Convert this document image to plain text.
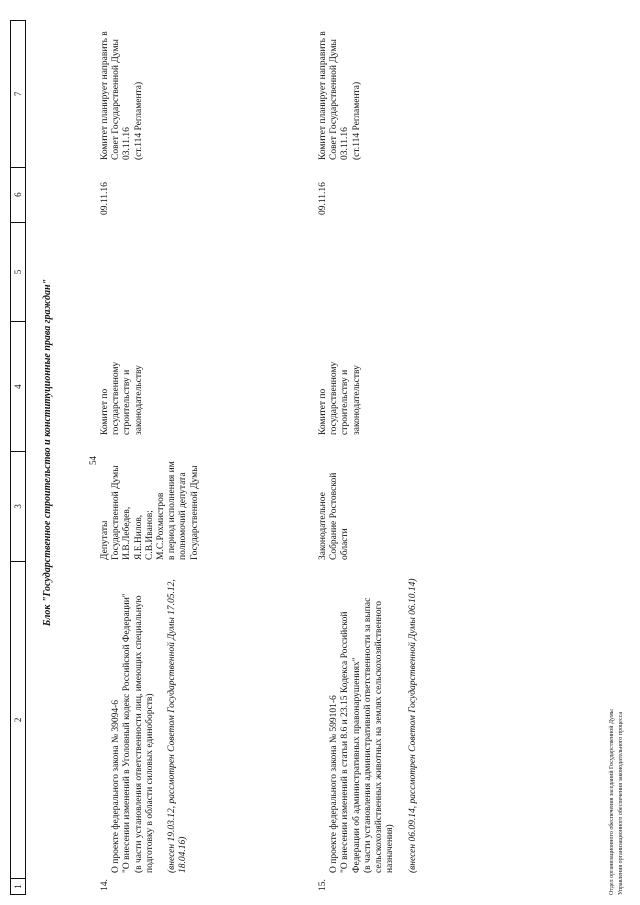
1
2
3
4
5
6
7
54
Блок "Государственное строительство и конституционные права граждан"
14.

О проекте федерального закона № 39094-6
"О внесении изменений в Уголовный кодекс Российской Федерации"
(в части установления ответственности лиц, имеющих специальную подготовку в области силовых единоборств) (внесен 19.03.12, рассмотрен Советом Государственной Думы 17.05.12, 18.04.16)

Депутаты Государственной Думы
И.В.Лебедев,
Я.Е.Нилов,
С.В.Иванов;
М.С.Рохмистров
в период исполнения им полномочий депутата Государственной Думы
Комитет по государственному строительству и законодательству
09.11.16
Комитет планирует направить в Совет Государственной Думы 03.11.16
(ст.114 Регламента)
15.

О проекте федерального закона № 599101-6
"О внесении изменений в статьи 8.6 и 23.15 Кодекса Российской Федерации об административных правонарушениях"
(в части установления административной ответственности за выпас сельскохозяйственных животных на землях сельскохозяйственного назначения) (внесен 06.09.14, рассмотрен Советом Государственной Думы 06.10.14)

Законодательное Собрание Ростовской области
Комитет по государственному строительству и законодательству
09.11.16
Комитет планирует направить в Совет Государственной Думы 03.11.16
(ст.114 Регламента)
Отдел организационного обеспечения заседаний Государственной Думы Управления организационного обеспечения законодательного процесса
